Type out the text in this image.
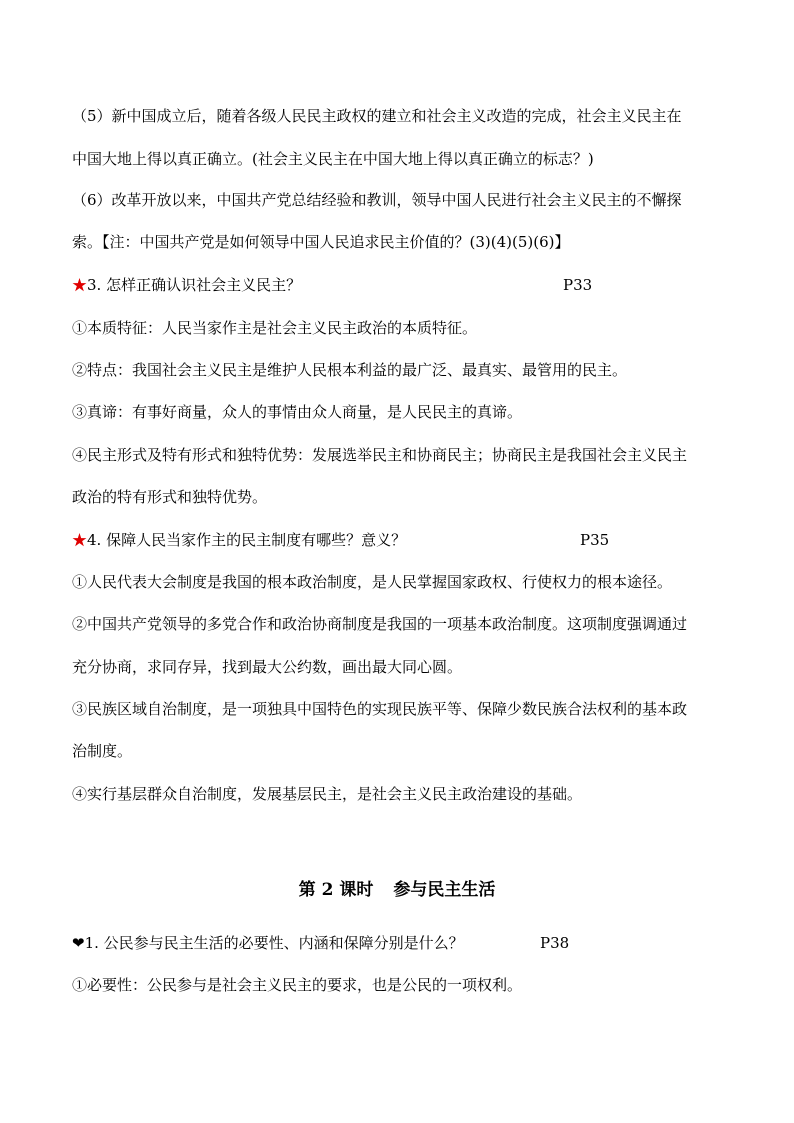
（5）新中国成立后，随着各级人民民主政权的建立和社会主义改造的完成，社会主义民主在
中国大地上得以真正确立。(社会主义民主在中国大地上得以真正确立的标志？)
（6）改革开放以来，中国共产党总结经验和教训，领导中国人民进行社会主义民主的不懈探
索。【注：中国共产党是如何领导中国人民追求民主价值的？(3)(4)(5)(6)】
★3. 怎样正确认识社会主义民主？	P33
①本质特征：人民当家作主是社会主义民主政治的本质特征。
②特点：我国社会主义民主是维护人民根本利益的最广泛、最真实、最管用的民主。
③真谛：有事好商量，众人的事情由众人商量，是人民民主的真谛。
④民主形式及特有形式和独特优势：发展选举民主和协商民主；协商民主是我国社会主义民主
政治的特有形式和独特优势。
★4. 保障人民当家作主的民主制度有哪些？意义？	P35
①人民代表大会制度是我国的根本政治制度，是人民掌握国家政权、行使权力的根本途径。
②中国共产党领导的多党合作和政治协商制度是我国的一项基本政治制度。这项制度强调通过
充分协商，求同存异，找到最大公约数，画出最大同心圆。
③民族区域自治制度，是一项独具中国特色的实现民族平等、保障少数民族合法权利的基本政
治制度。
④实行基层群众自治制度，发展基层民主，是社会主义民主政治建设的基础。
第 2 课时 参与民主生活
❤1. 公民参与民主生活的必要性、内涵和保障分别是什么？	P38
①必要性：公民参与是社会主义民主的要求，也是公民的一项权利。
